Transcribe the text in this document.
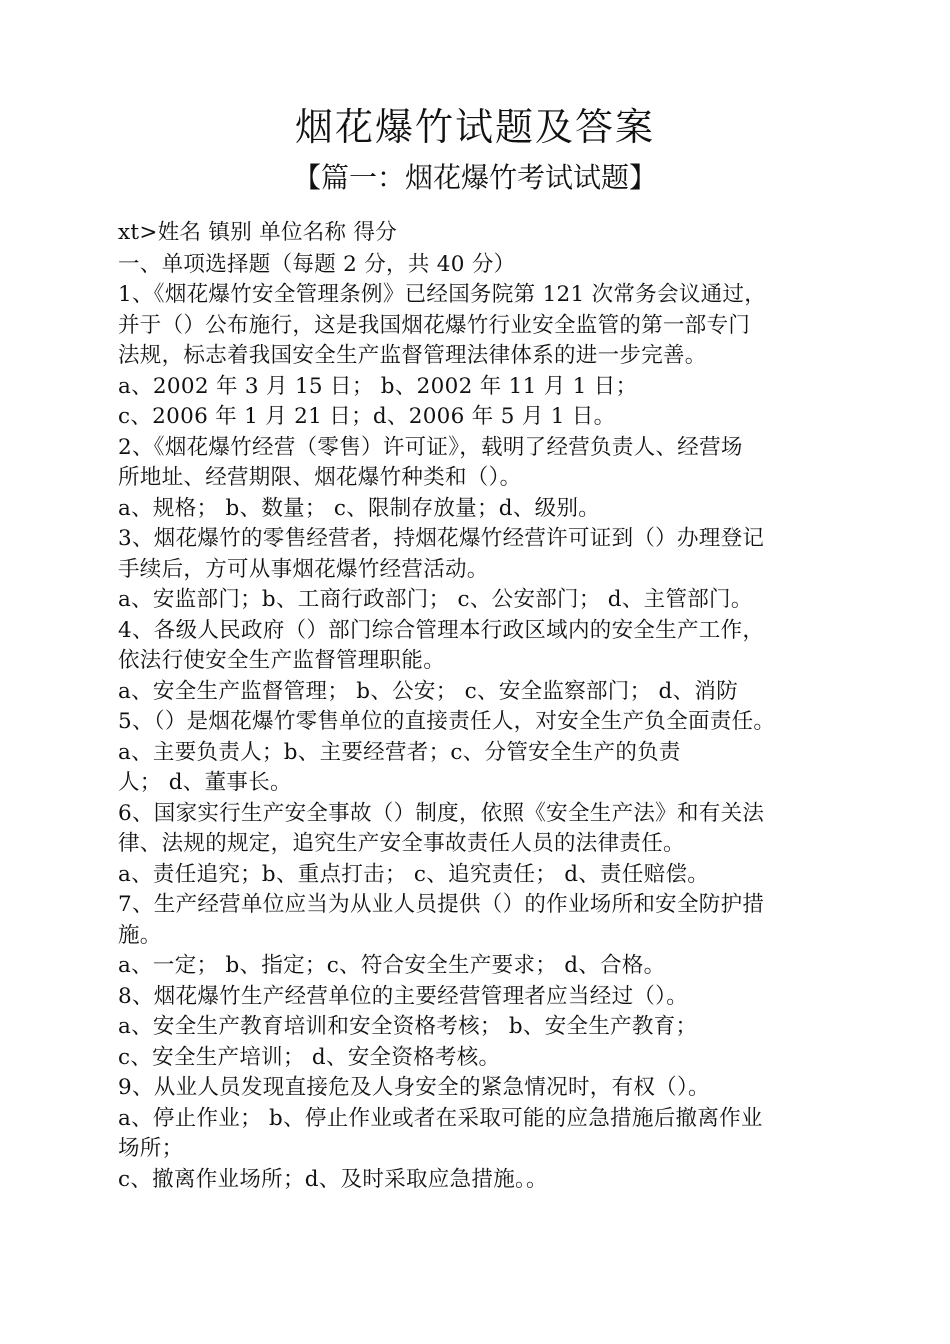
烟花爆竹试题及答案
【篇一：烟花爆竹考试试题】
xt>姓名 镇别 单位名称 得分
一、单项选择题（每题 2 分，共 40 分）
1、《烟花爆竹安全管理条例》已经国务院第 121 次常务会议通过，
并于（）公布施行，这是我国烟花爆竹行业安全监管的第一部专门
法规，标志着我国安全生产监督管理法律体系的进一步完善。
a、2002 年 3 月 15 日； b、2002 年 11 月 1 日；
c、2006 年 1 月 21 日；d、2006 年 5 月 1 日。
2、《烟花爆竹经营（零售）许可证》，载明了经营负责人、经营场
所地址、经营期限、烟花爆竹种类和（）。
a、规格； b、数量； c、限制存放量；d、级别。
3、烟花爆竹的零售经营者，持烟花爆竹经营许可证到（）办理登记
手续后，方可从事烟花爆竹经营活动。
a、安监部门；b、工商行政部门； c、公安部门； d、主管部门。
4、各级人民政府（）部门综合管理本行政区域内的安全生产工作，
依法行使安全生产监督管理职能。
a、安全生产监督管理； b、公安； c、安全监察部门； d、消防
5、（）是烟花爆竹零售单位的直接责任人，对安全生产负全面责任。
a、主要负责人；b、主要经营者；c、分管安全生产的负责
人； d、董事长。
6、国家实行生产安全事故（）制度，依照《安全生产法》和有关法
律、法规的规定，追究生产安全事故责任人员的法律责任。
a、责任追究；b、重点打击； c、追究责任； d、责任赔偿。
7、生产经营单位应当为从业人员提供（）的作业场所和安全防护措
施。
a、一定； b、指定；c、符合安全生产要求； d、合格。
8、烟花爆竹生产经营单位的主要经营管理者应当经过（）。
a、安全生产教育培训和安全资格考核； b、安全生产教育；
c、安全生产培训； d、安全资格考核。
9、从业人员发现直接危及人身安全的紧急情况时，有权（）。
a、停止作业； b、停止作业或者在采取可能的应急措施后撤离作业
场所；
c、撤离作业场所；d、及时采取应急措施。。
